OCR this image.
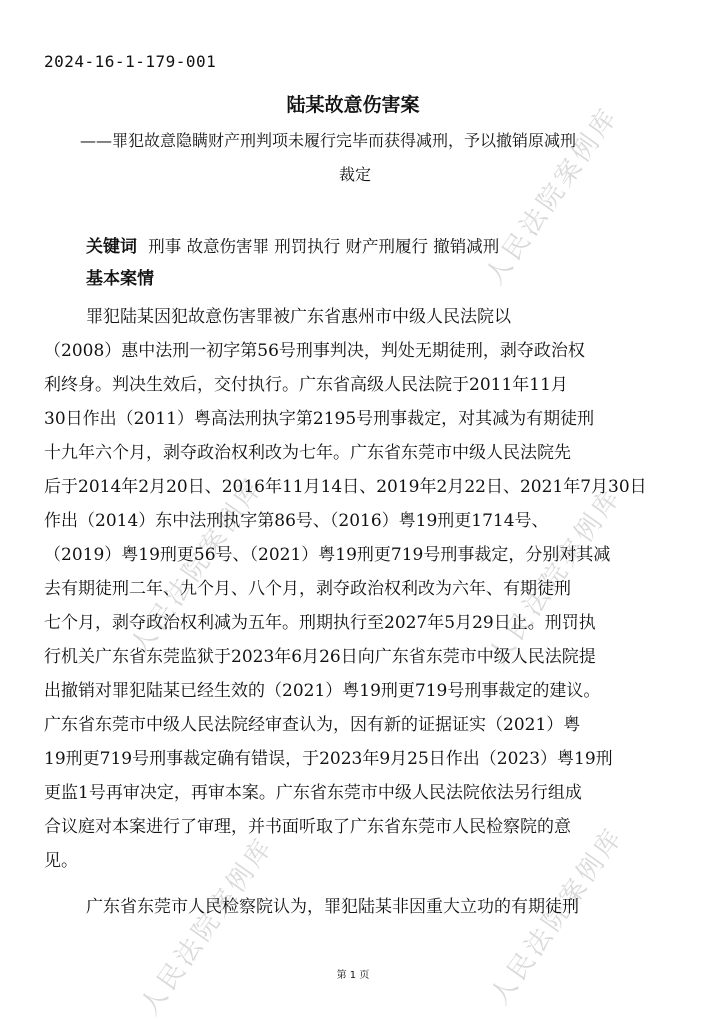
人民法院案例库
人民法院案例库	人民法院案例库
人民法院案例库	人民法院案例库
2024-16-1-179-001
陆某故意伤害案
——罪犯故意隐瞒财产刑判项未履行完毕而获得减刑，予以撤销原减刑
裁定
关键词 刑事 故意伤害罪 刑罚执行 财产刑履行 撤销减刑
基本案情
罪犯陆某因犯故意伤害罪被广东省惠州市中级人民法院以
（2008）惠中法刑一初字第56号刑事判决，判处无期徒刑，剥夺政治权
利终身。判决生效后，交付执行。广东省高级人民法院于2011年11月
30日作出（2011）粤高法刑执字第2195号刑事裁定，对其减为有期徒刑
十九年六个月，剥夺政治权利改为七年。广东省东莞市中级人民法院先
后于2014年2月20日、2016年11月14日、2019年2月22日、2021年7月30日
作出（2014）东中法刑执字第86号、（2016）粤19刑更1714号、
（2019）粤19刑更56号、（2021）粤19刑更719号刑事裁定，分别对其减
去有期徒刑二年、九个月、八个月，剥夺政治权利改为六年、有期徒刑
七个月，剥夺政治权利减为五年。刑期执行至2027年5月29日止。刑罚执
行机关广东省东莞监狱于2023年6月26日向广东省东莞市中级人民法院提
出撤销对罪犯陆某已经生效的（2021）粤19刑更719号刑事裁定的建议。
广东省东莞市中级人民法院经审查认为，因有新的证据证实（2021）粤
19刑更719号刑事裁定确有错误，于2023年9月25日作出（2023）粤19刑
更监1号再审决定，再审本案。广东省东莞市中级人民法院依法另行组成
合议庭对本案进行了审理，并书面听取了广东省东莞市人民检察院的意
见。
广东省东莞市人民检察院认为，罪犯陆某非因重大立功的有期徒刑
第 1 页
